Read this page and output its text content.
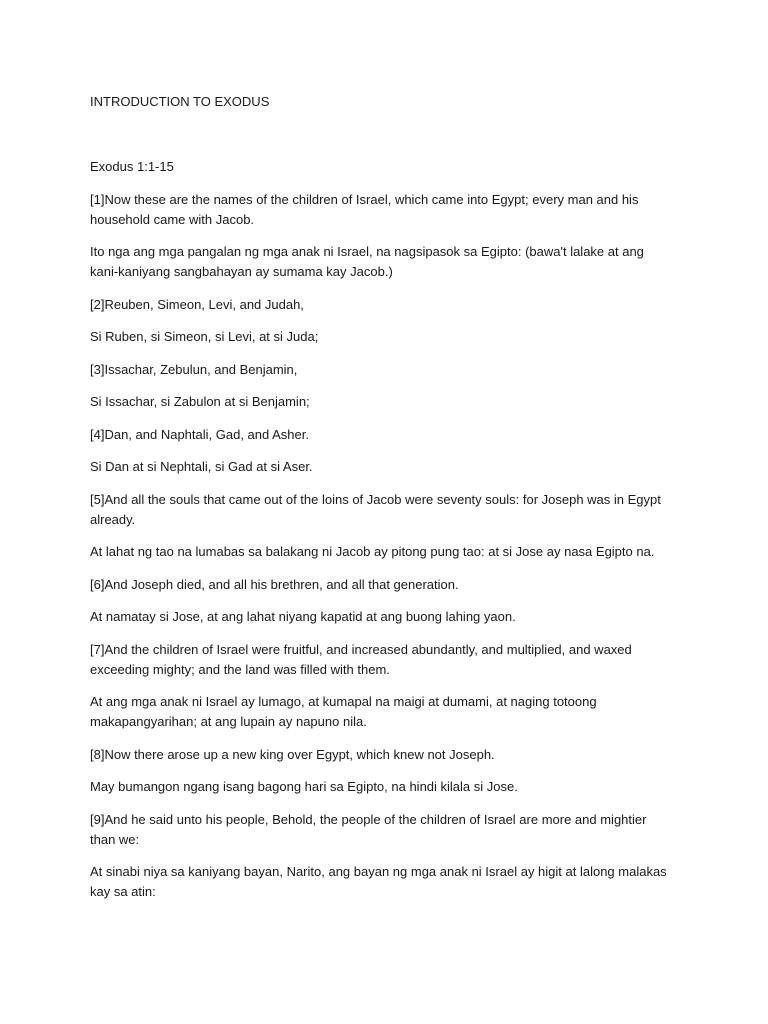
INTRODUCTION TO EXODUS

Exodus 1:1-15

[1]Now these are the names of the children of Israel, which came into Egypt; every man and his household came with Jacob.

Ito nga ang mga pangalan ng mga anak ni Israel, na nagsipasok sa Egipto: (bawa't lalake at ang kani-kaniyang sangbahayan ay sumama kay Jacob.)

[2]Reuben, Simeon, Levi, and Judah,

Si Ruben, si Simeon, si Levi, at si Juda;

[3]Issachar, Zebulun, and Benjamin,

Si Issachar, si Zabulon at si Benjamin;

[4]Dan, and Naphtali, Gad, and Asher.

Si Dan at si Nephtali, si Gad at si Aser.

[5]And all the souls that came out of the loins of Jacob were seventy souls: for Joseph was in Egypt already.

At lahat ng tao na lumabas sa balakang ni Jacob ay pitong pung tao: at si Jose ay nasa Egipto na.

[6]And Joseph died, and all his brethren, and all that generation.

At namatay si Jose, at ang lahat niyang kapatid at ang buong lahing yaon.

[7]And the children of Israel were fruitful, and increased abundantly, and multiplied, and waxed exceeding mighty; and the land was filled with them.

At ang mga anak ni Israel ay lumago, at kumapal na maigi at dumami, at naging totoong makapangyarihan; at ang lupain ay napuno nila.

[8]Now there arose up a new king over Egypt, which knew not Joseph.

May bumangon ngang isang bagong hari sa Egipto, na hindi kilala si Jose.

[9]And he said unto his people, Behold, the people of the children of Israel are more and mightier than we:

At sinabi niya sa kaniyang bayan, Narito, ang bayan ng mga anak ni Israel ay higit at lalong malakas kay sa atin:
